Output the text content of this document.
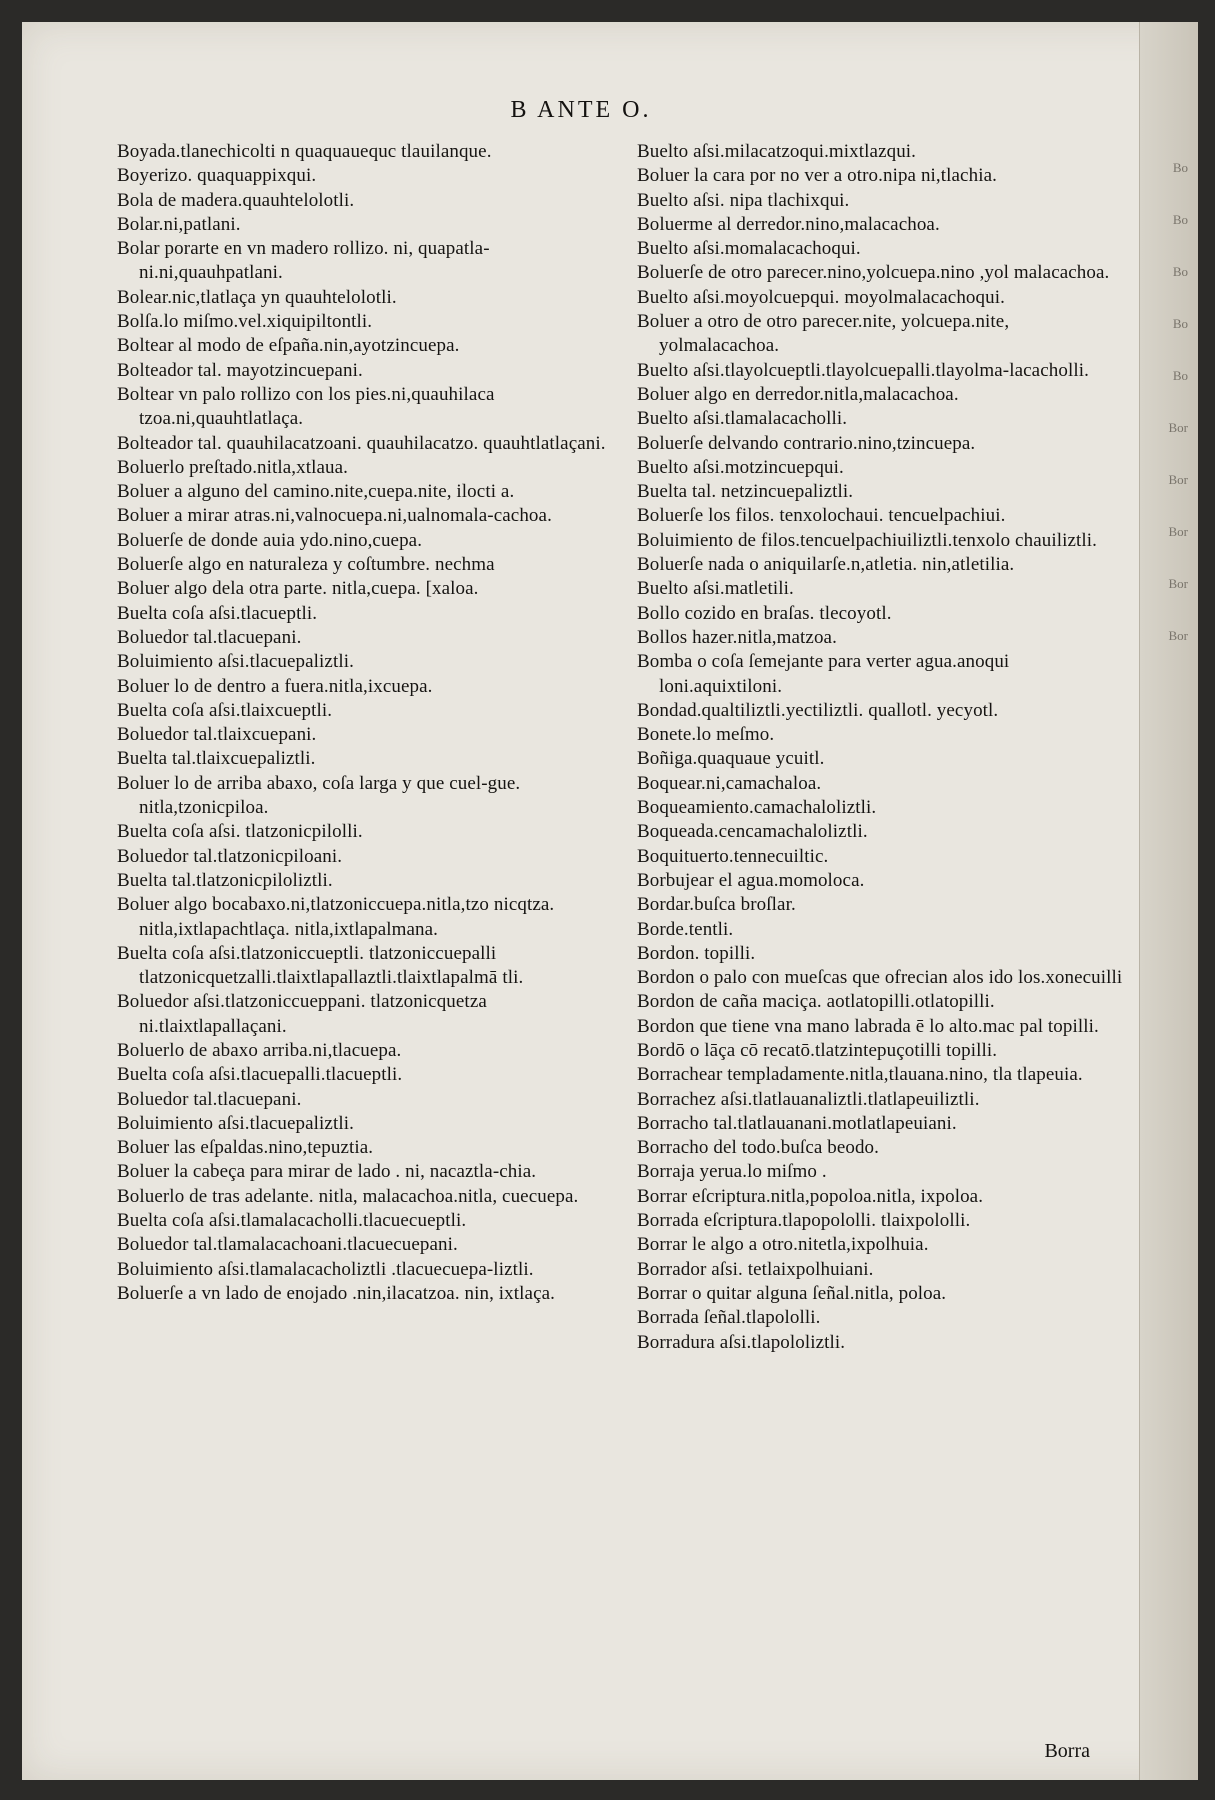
Bo
Bo
Bo
Bo
Bo
Bor
Bor
Bor
Bor
Bor
B ANTE O.

Boyada.tlanechicolti n quaquauequc tlauilanque.

Boyerizo. quaquappixqui.

Bola de madera.quauhtelolotli.

Bolar.ni,patlani.

Bolar porarte en vn madero rollizo. ni, quapatla-ni.ni,quauhpatlani.

Bolear.nic,tlatlaça yn quauhtelolotli.

Bolſa.lo miſmo.vel.xiquipiltontli.

Boltear al modo de eſpaña.nin,ayotzincuepa.

Bolteador tal. mayotzincuepani.

Boltear vn palo rollizo con los pies.ni,quauhilaca tzoa.ni,quauhtlatlaça.

Bolteador tal. quauhilacatzoani. quauhilacatzo. quauhtlatlaçani.

Boluerlo preſtado.nitla,xtlaua.

Boluer a alguno del camino.nite,cuepa.nite, ilocti a.

Boluer a mirar atras.ni,valnocuepa.ni,ualnomala-cachoa.

Boluerſe de donde auia ydo.nino,cuepa.

Boluerſe algo en naturaleza y coſtumbre. nechma

Boluer algo dela otra parte. nitla,cuepa. [xaloa.

Buelta coſa aſsi.tlacueptli.

Boluedor tal.tlacuepani.

Boluimiento aſsi.tlacuepaliztli.

Boluer lo de dentro a fuera.nitla,ixcuepa.

Buelta coſa aſsi.tlaixcueptli.

Boluedor tal.tlaixcuepani.

Buelta tal.tlaixcuepaliztli.

Boluer lo de arriba abaxo, coſa larga y que cuel-gue. nitla,tzonicpiloa.

Buelta coſa aſsi. tlatzonicpilolli.

Boluedor tal.tlatzonicpiloani.

Buelta tal.tlatzonicpiloliztli.

Boluer algo bocabaxo.ni,tlatzoniccuepa.nitla,tzo nicqtza. nitla,ixtlapachtlaça. nitla,ixtlapalmana.

Buelta coſa aſsi.tlatzoniccueptli. tlatzoniccuepalli tlatzonicquetzalli.tlaixtlapallaztli.tlaixtlapalmā tli.

Boluedor aſsi.tlatzoniccueppani. tlatzonicquetza ni.tlaixtlapallaçani.

Boluerlo de abaxo arriba.ni,tlacuepa.

Buelta coſa aſsi.tlacuepalli.tlacueptli.

Boluedor tal.tlacuepani.

Boluimiento aſsi.tlacuepaliztli.

Boluer las eſpaldas.nino,tepuztia.

Boluer la cabeça para mirar de lado . ni, nacaztla-chia.

Boluerlo de tras adelante. nitla, malacachoa.nitla, cuecuepa.

Buelta coſa aſsi.tlamalacacholli.tlacuecueptli.

Boluedor tal.tlamalacachoani.tlacuecuepani.

Boluimiento aſsi.tlamalacacholiztli .tlacuecuepa-liztli.

Boluerſe a vn lado de enojado .nin,ilacatzoa. nin, ixtlaça.

Buelto aſsi.milacatzoqui.mixtlazqui.

Boluer la cara por no ver a otro.nipa ni,tlachia.

Buelto aſsi. nipa tlachixqui.

Boluerme al derredor.nino,malacachoa.

Buelto aſsi.momalacachoqui.

Boluerſe de otro parecer.nino,yolcuepa.nino ,yol malacachoa.

Buelto aſsi.moyolcuepqui. moyolmalacachoqui.

Boluer a otro de otro parecer.nite, yolcuepa.nite, yolmalacachoa.

Buelto aſsi.tlayolcueptli.tlayolcuepalli.tlayolma-lacacholli.

Boluer algo en derredor.nitla,malacachoa.

Buelto aſsi.tlamalacacholli.

Boluerſe delvando contrario.nino,tzincuepa.

Buelto aſsi.motzincuepqui.

Buelta tal. netzincuepaliztli.

Boluerſe los filos. tenxolochaui. tencuelpachiui.

Boluimiento de filos.tencuelpachiuiliztli.tenxolo chauiliztli.

Boluerſe nada o aniquilarſe.n,atletia. nin,atletilia.

Buelto aſsi.matletili.

Bollo cozido en braſas. tlecoyotl.

Bollos hazer.nitla,matzoa.

Bomba o coſa ſemejante para verter agua.anoqui loni.aquixtiloni.

Bondad.qualtiliztli.yectiliztli. quallotl. yecyotl.

Bonete.lo meſmo.

Boñiga.quaquaue ycuitl.

Boquear.ni,camachaloa.

Boqueamiento.camachaloliztli.

Boqueada.cencamachaloliztli.

Boquituerto.tennecuiltic.

Borbujear el agua.momoloca.

Bordar.buſca broſlar.

Borde.tentli.

Bordon. topilli.

Bordon o palo con mueſcas que ofrecian alos ido los.xonecuilli

Bordon de caña maciça. aotlatopilli.otlatopilli.

Bordon que tiene vna mano labrada ē lo alto.mac pal topilli.

Bordō o lāça cō recatō.tlatzintepuçotilli topilli.

Borrachear templadamente.nitla,tlauana.nino, tla tlapeuia.

Borrachez aſsi.tlatlauanaliztli.tlatlapeuiliztli.

Borracho tal.tlatlauanani.motlatlapeuiani.

Borracho del todo.buſca beodo.

Borraja yerua.lo miſmo .

Borrar eſcriptura.nitla,popoloa.nitla, ixpoloa.

Borrada eſcriptura.tlapopololli. tlaixpololli.

Borrar le algo a otro.nitetla,ixpolhuia.

Borrador aſsi. tetlaixpolhuiani.

Borrar o quitar alguna ſeñal.nitla, poloa.

Borrada ſeñal.tlapololli.

Borradura aſsi.tlapololiztli.

Borra
